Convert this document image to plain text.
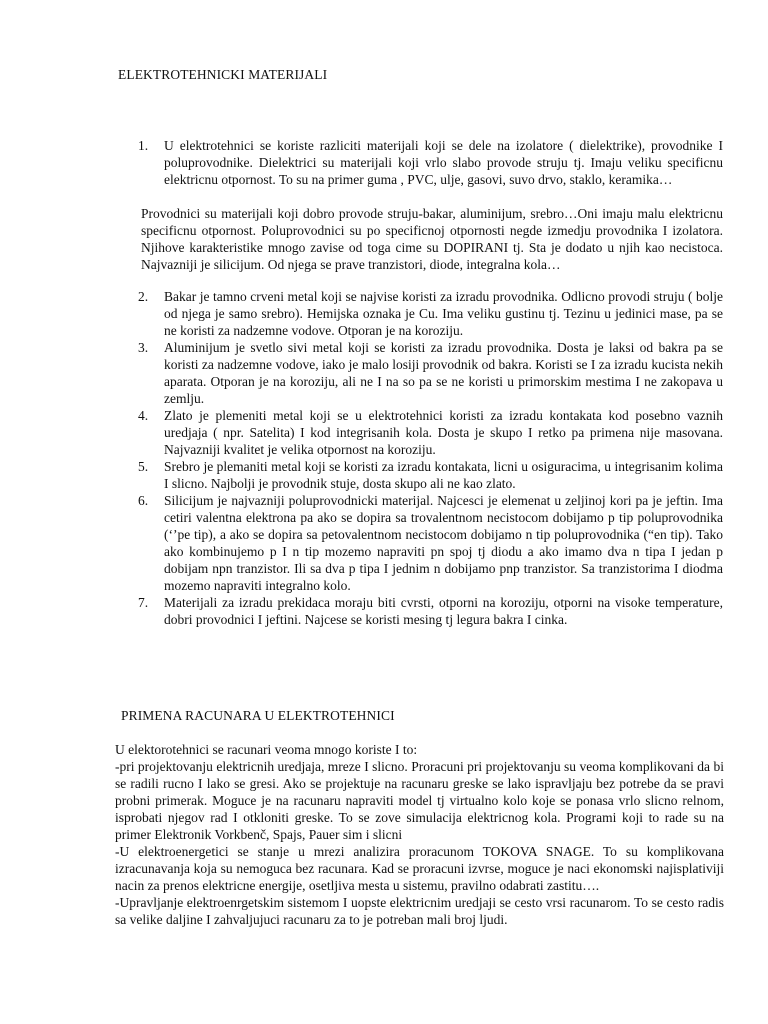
ELEKTROTEHNICKI MATERIJALI
1. U elektrotehnici se koriste razliciti materijali koji se dele na izolatore ( dielektrike), provodnike I poluprovodnike. Dielektrici su materijali koji vrlo slabo provode struju tj. Imaju veliku specificnu elektricnu otpornost. To su na primer guma , PVC, ulje, gasovi, suvo drvo, staklo, keramika…

Provodnici su materijali koji dobro provode struju-bakar, aluminijum, srebro…Oni imaju malu elektricnu specificnu otpornost. Poluprovodnici su po specificnoj otpornosti negde izmedju provodnika I izolatora. Njihove karakteristike mnogo zavise od toga cime su DOPIRANI tj. Sta je dodato u njih kao necistoca. Najvazniji je silicijum. Od njega se prave tranzistori, diode, integralna kola…

2. Bakar je tamno crveni metal koji se najvise koristi za izradu provodnika. Odlicno provodi struju ( bolje od njega je samo srebro). Hemijska oznaka je Cu. Ima veliku gustinu tj. Tezinu u jedinici mase, pa se ne koristi za nadzemne vodove. Otporan je na koroziju.
3. Aluminijum je svetlo sivi metal koji se koristi za izradu provodnika. Dosta je laksi od bakra pa se koristi za nadzemne vodove, iako je malo losiji provodnik od bakra. Koristi se I za izradu kucista nekih aparata. Otporan je na koroziju, ali ne I na so pa se ne koristi u primorskim mestima I ne zakopava u zemlju.
4. Zlato je plemeniti metal koji se u elektrotehnici koristi za izradu kontakata kod posebno vaznih uredjaja ( npr. Satelita) I kod integrisanih kola. Dosta je skupo I retko pa primena nije masovana. Najvazniji kvalitet je velika otpornost na koroziju.
5. Srebro je plemaniti metal koji se koristi za izradu kontakata, licni u osiguracima, u integrisanim kolima I slicno. Najbolji je provodnik stuje, dosta skupo ali ne kao zlato.
6. Silicijum je najvazniji poluprovodnicki materijal. Najcesci je elemenat u zeljinoj kori pa je jeftin. Ima cetiri valentna elektrona pa ako se dopira sa trovalentnom necistocom dobijamo p tip poluprovodnika (‘’pe tip), a ako se dopira sa petovalentnom necistocom dobijamo n tip poluprovodnika (“en tip). Tako ako kombinujemo p I n tip mozemo napraviti pn spoj tj diodu a ako imamo dva n tipa I jedan p dobijam npn tranzistor. Ili sa dva p tipa I jednim n dobijamo pnp tranzistor. Sa tranzistorima I diodma mozemo napraviti integralno kolo.
7. Materijali za izradu prekidaca moraju biti cvrsti, otporni na koroziju, otporni na visoke temperature, dobri provodnici I jeftini. Najcese se koristi mesing tj legura bakra I cinka.
PRIMENA RACUNARA U ELEKTROTEHNICI
U elektorotehnici se racunari veoma mnogo koriste I to:
-pri projektovanju elektricnih uredjaja, mreze I slicno. Proracuni pri projektovanju su veoma komplikovani da bi se radili rucno I lako se gresi. Ako se projektuje na racunaru greske se lako ispravljaju bez potrebe da se pravi probni primerak. Moguce je na racunaru napraviti model tj virtualno kolo koje se ponasa vrlo slicno relnom, isprobati njegov rad I otkloniti greske. To se zove simulacija elektricnog kola. Programi koji to rade su na primer Elektronik Vorkbenč, Spajs, Pauer sim i slicni
-U elektroenergetici se stanje u mrezi analizira proracunom TOKOVA SNAGE. To su komplikovana izracunavanja koja su nemoguca bez racunara. Kad se proracuni izvrse, moguce je naci ekonomski najisplativiji nacin za prenos elektricne energije, osetljiva mesta u sistemu, pravilno odabrati zastitu….
-Upravljanje elektroenrgetskim sistemom I uopste elektricnim uredjaji se cesto vrsi racunarom. To se cesto radis sa velike daljine I zahvaljujuci racunaru za to je potreban mali broj ljudi.
